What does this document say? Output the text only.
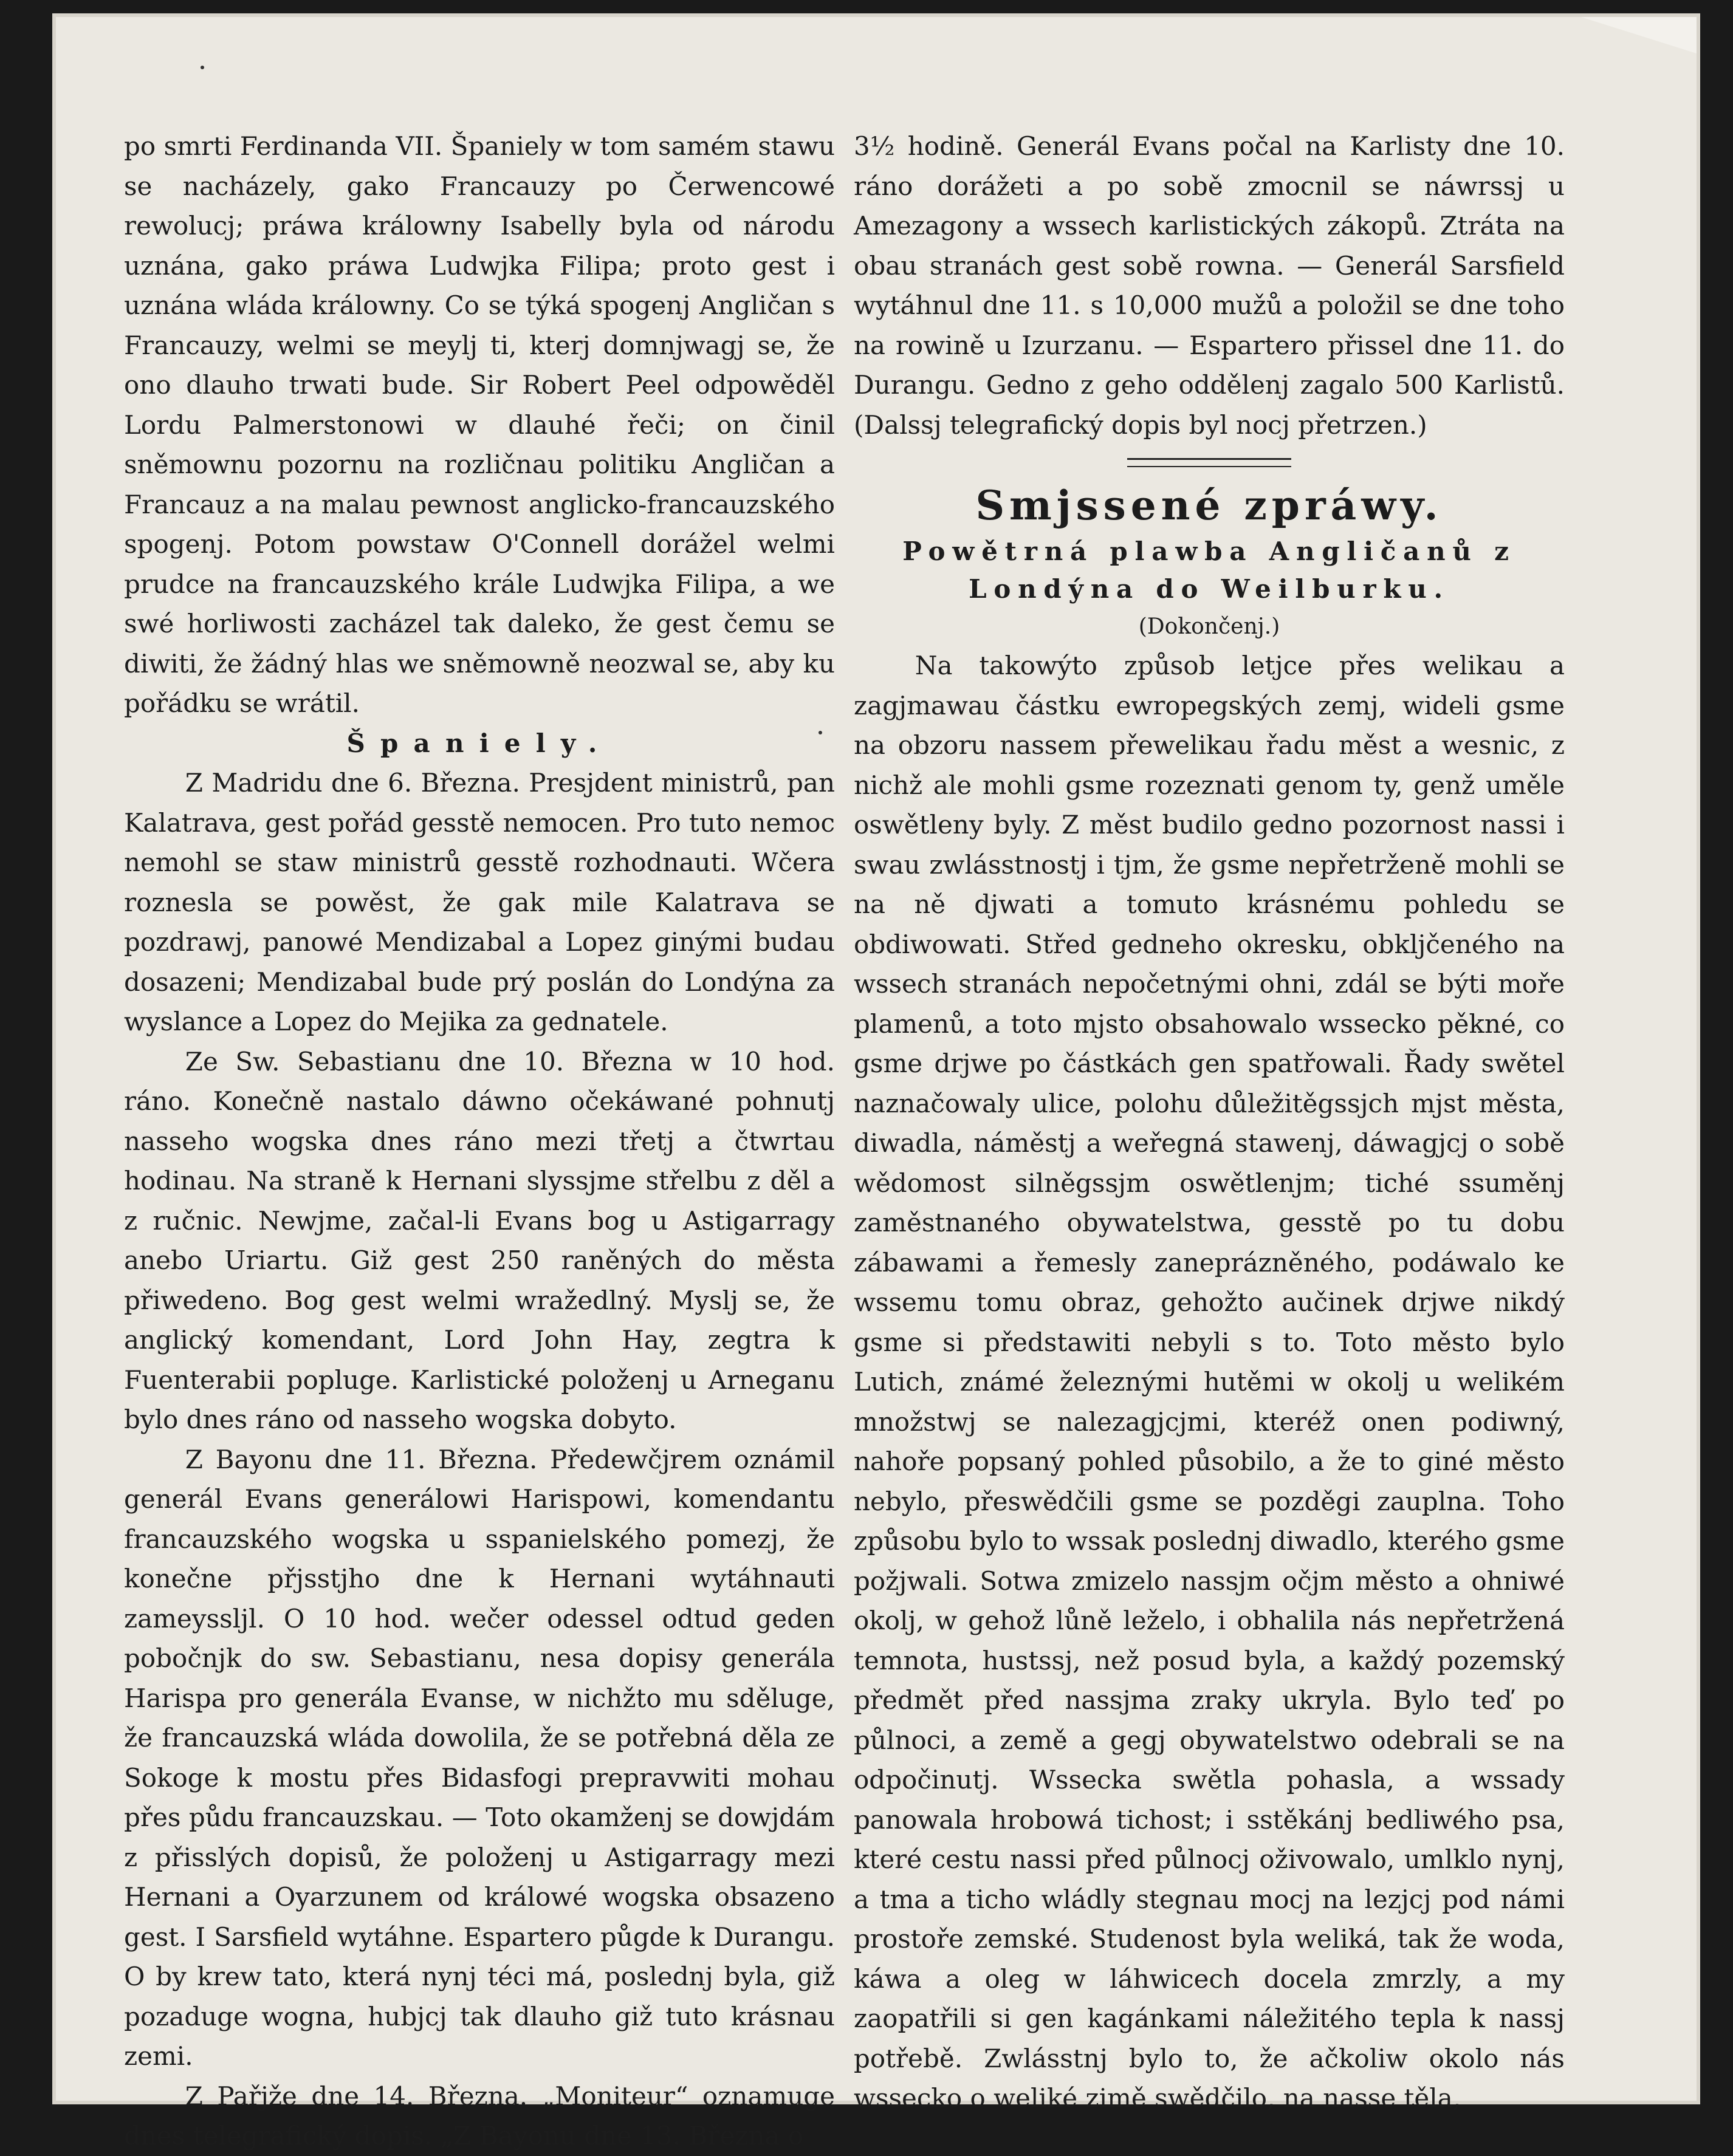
po smrti Ferdinanda VII. Španiely w tom samém stawu se nacházely, gako Francauzy po Čerwencowé rewolucj; práwa králowny Isabelly byla od národu uznána, gako práwa Ludwjka Filipa; proto gest i uznána wláda králowny. Co se týká spogenj Angličan s Francauzy, welmi se meylj ti, kterj domnjwagj se, že ono dlauho trwati bude. Sir Robert Peel odpowěděl Lordu Palmerstonowi w dlauhé řeči; on činil sněmownu pozornu na rozličnau politiku Angličan a Francauz a na malau pewnost anglicko-francauzského spogenj. Potom powstaw O'Connell dorážel welmi prudce na francauzského krále Ludwjka Filipa, a we swé horliwosti zacházel tak daleko, že gest čemu se diwiti, že žádný hlas we sněmowně neozwal se, aby ku pořádku se wrátil.

Španiely.

Z Madridu dne 6. Března. Presjdent ministrů, pan Kalatrava, gest pořád gesstě nemocen. Pro tuto nemoc nemohl se staw ministrů gesstě rozhodnauti. Wčera roznesla se powěst, že gak mile Kalatrava se pozdrawj, panowé Mendizabal a Lopez ginými budau dosazeni; Mendizabal bude prý poslán do Londýna za wyslance a Lopez do Mejika za gednatele.

Ze Sw. Sebastianu dne 10. Března w 10 hod. ráno. Konečně nastalo dáwno očekáwané pohnutj nasseho wogska dnes ráno mezi třetj a čtwrtau hodinau. Na straně k Hernani slyssjme střelbu z děl a z ručnic. Newjme, začal-li Evans bog u Astigarragy anebo Uriartu. Giž gest 250 raněných do města přiwedeno. Bog gest welmi wražedlný. Myslj se, že anglický komendant, Lord John Hay, zegtra k Fuenterabii popluge. Karlistické položenj u Arneganu bylo dnes ráno od nasseho wogska dobyto.

Z Bayonu dne 11. Března. Předewčjrem oznámil generál Evans generálowi Harispowi, komendantu francauzského wogska u sspanielského pomezj, že konečne přjsstjho dne k Hernani wytáhnauti zameyssljl. O 10 hod. wečer odessel odtud geden pobočnjk do sw. Sebastianu, nesa dopisy generála Harispa pro generála Evanse, w nichžto mu sděluge, že francauzská wláda dowolila, že se potřebná děla ze Sokoge k mostu přes Bidasfogi prepravwiti mohau přes půdu francauzskau. — Toto okamženj se dowjdám z přisslých dopisů, že položenj u Astigarragy mezi Hernani a Oyarzunem od králowé wogska obsazeno gest. I Sarsfield wytáhne. Espartero půgde k Durangu. O by krew tato, která nynj téci má, poslednj byla, giž pozaduge wogna, hubjcj tak dlauho giž tuto krásnau zemi.

Z Pařjže dne 14. Března. „Moniteur“ oznamuge dnes telegrafický dopis. „Z Bayonu dne 13. Března o

3½ hodině. Generál Evans počal na Karlisty dne 10. ráno dorážeti a po sobě zmocnil se náwrssj u Amezagony a wssech karlistických zákopů. Ztráta na obau stranách gest sobě rowna. — Generál Sarsfield wytáhnul dne 11. s 10,000 mužů a položil se dne toho na rowině u Izurzanu. — Espartero přissel dne 11. do Durangu. Gedno z geho oddělenj zagalo 500 Karlistů. (Dalssj telegrafický dopis byl nocj přetrzen.)

Smjssené zpráwy.
Powětrná plawba Angličanů z Londýna do Weilburku.
(Dokončenj.)

Na takowýto způsob letjce přes welikau a zagjmawau částku ewropegských zemj, wideli gsme na obzoru nassem přewelikau řadu měst a wesnic, z nichž ale mohli gsme rozeznati genom ty, genž uměle oswětleny byly. Z měst budilo gedno pozornost nassi i swau zwlásstnostj i tjm, že gsme nepřetrženě mohli se na ně djwati a tomuto krásnému pohledu se obdiwowati. Střed gedneho okresku, obkljčeného na wssech stranách nepočetnými ohni, zdál se býti moře plamenů, a toto mjsto obsahowalo wssecko pěkné, co gsme drjwe po částkách gen spatřowali. Řady swětel naznačowaly ulice, polohu důležitěgssjch mjst města, diwadla, náměstj a weřegná stawenj, dáwagjcj o sobě wědomost silněgssjm oswětlenjm; tiché ssuměnj zaměstnaného obywatelstwa, gesstě po tu dobu zábawami a řemesly zaneprázněného, podáwalo ke wssemu tomu obraz, gehožto aučinek drjwe nikdý gsme si předstawiti nebyli s to. Toto město bylo Lutich, známé železnými hutěmi w okolj u welikém množstwj se nalezagjcjmi, kteréž onen podiwný, nahoře popsaný pohled působilo, a že to giné město nebylo, přeswědčili gsme se pozděgi zauplna. Toho způsobu bylo to wssak poslednj diwadlo, kterého gsme požjwali. Sotwa zmizelo nassjm očjm město a ohniwé okolj, w gehož lůně leželo, i obhalila nás nepřetržená temnota, hustssj, než posud byla, a každý pozemský předmět před nassjma zraky ukryla. Bylo teď po půlnoci, a země a gegj obywatelstwo odebrali se na odpočinutj. Wssecka swětla pohasla, a wssady panowala hrobowá tichost; i sstěkánj bedliwého psa, které cestu nassi před půlnocj oživowalo, umlklo nynj, a tma a ticho wládly stegnau mocj na lezjcj pod námi prostoře zemské. Studenost byla weliká, tak že woda, káwa a oleg w láhwicech docela zmrzly, a my zaopatřili si gen kagánkami náležitého tepla k nassj potřebě. Zwlásstnj bylo to, že ačkoliw okolo nás wssecko o weliké zimě swědčilo, na nasse těla,
